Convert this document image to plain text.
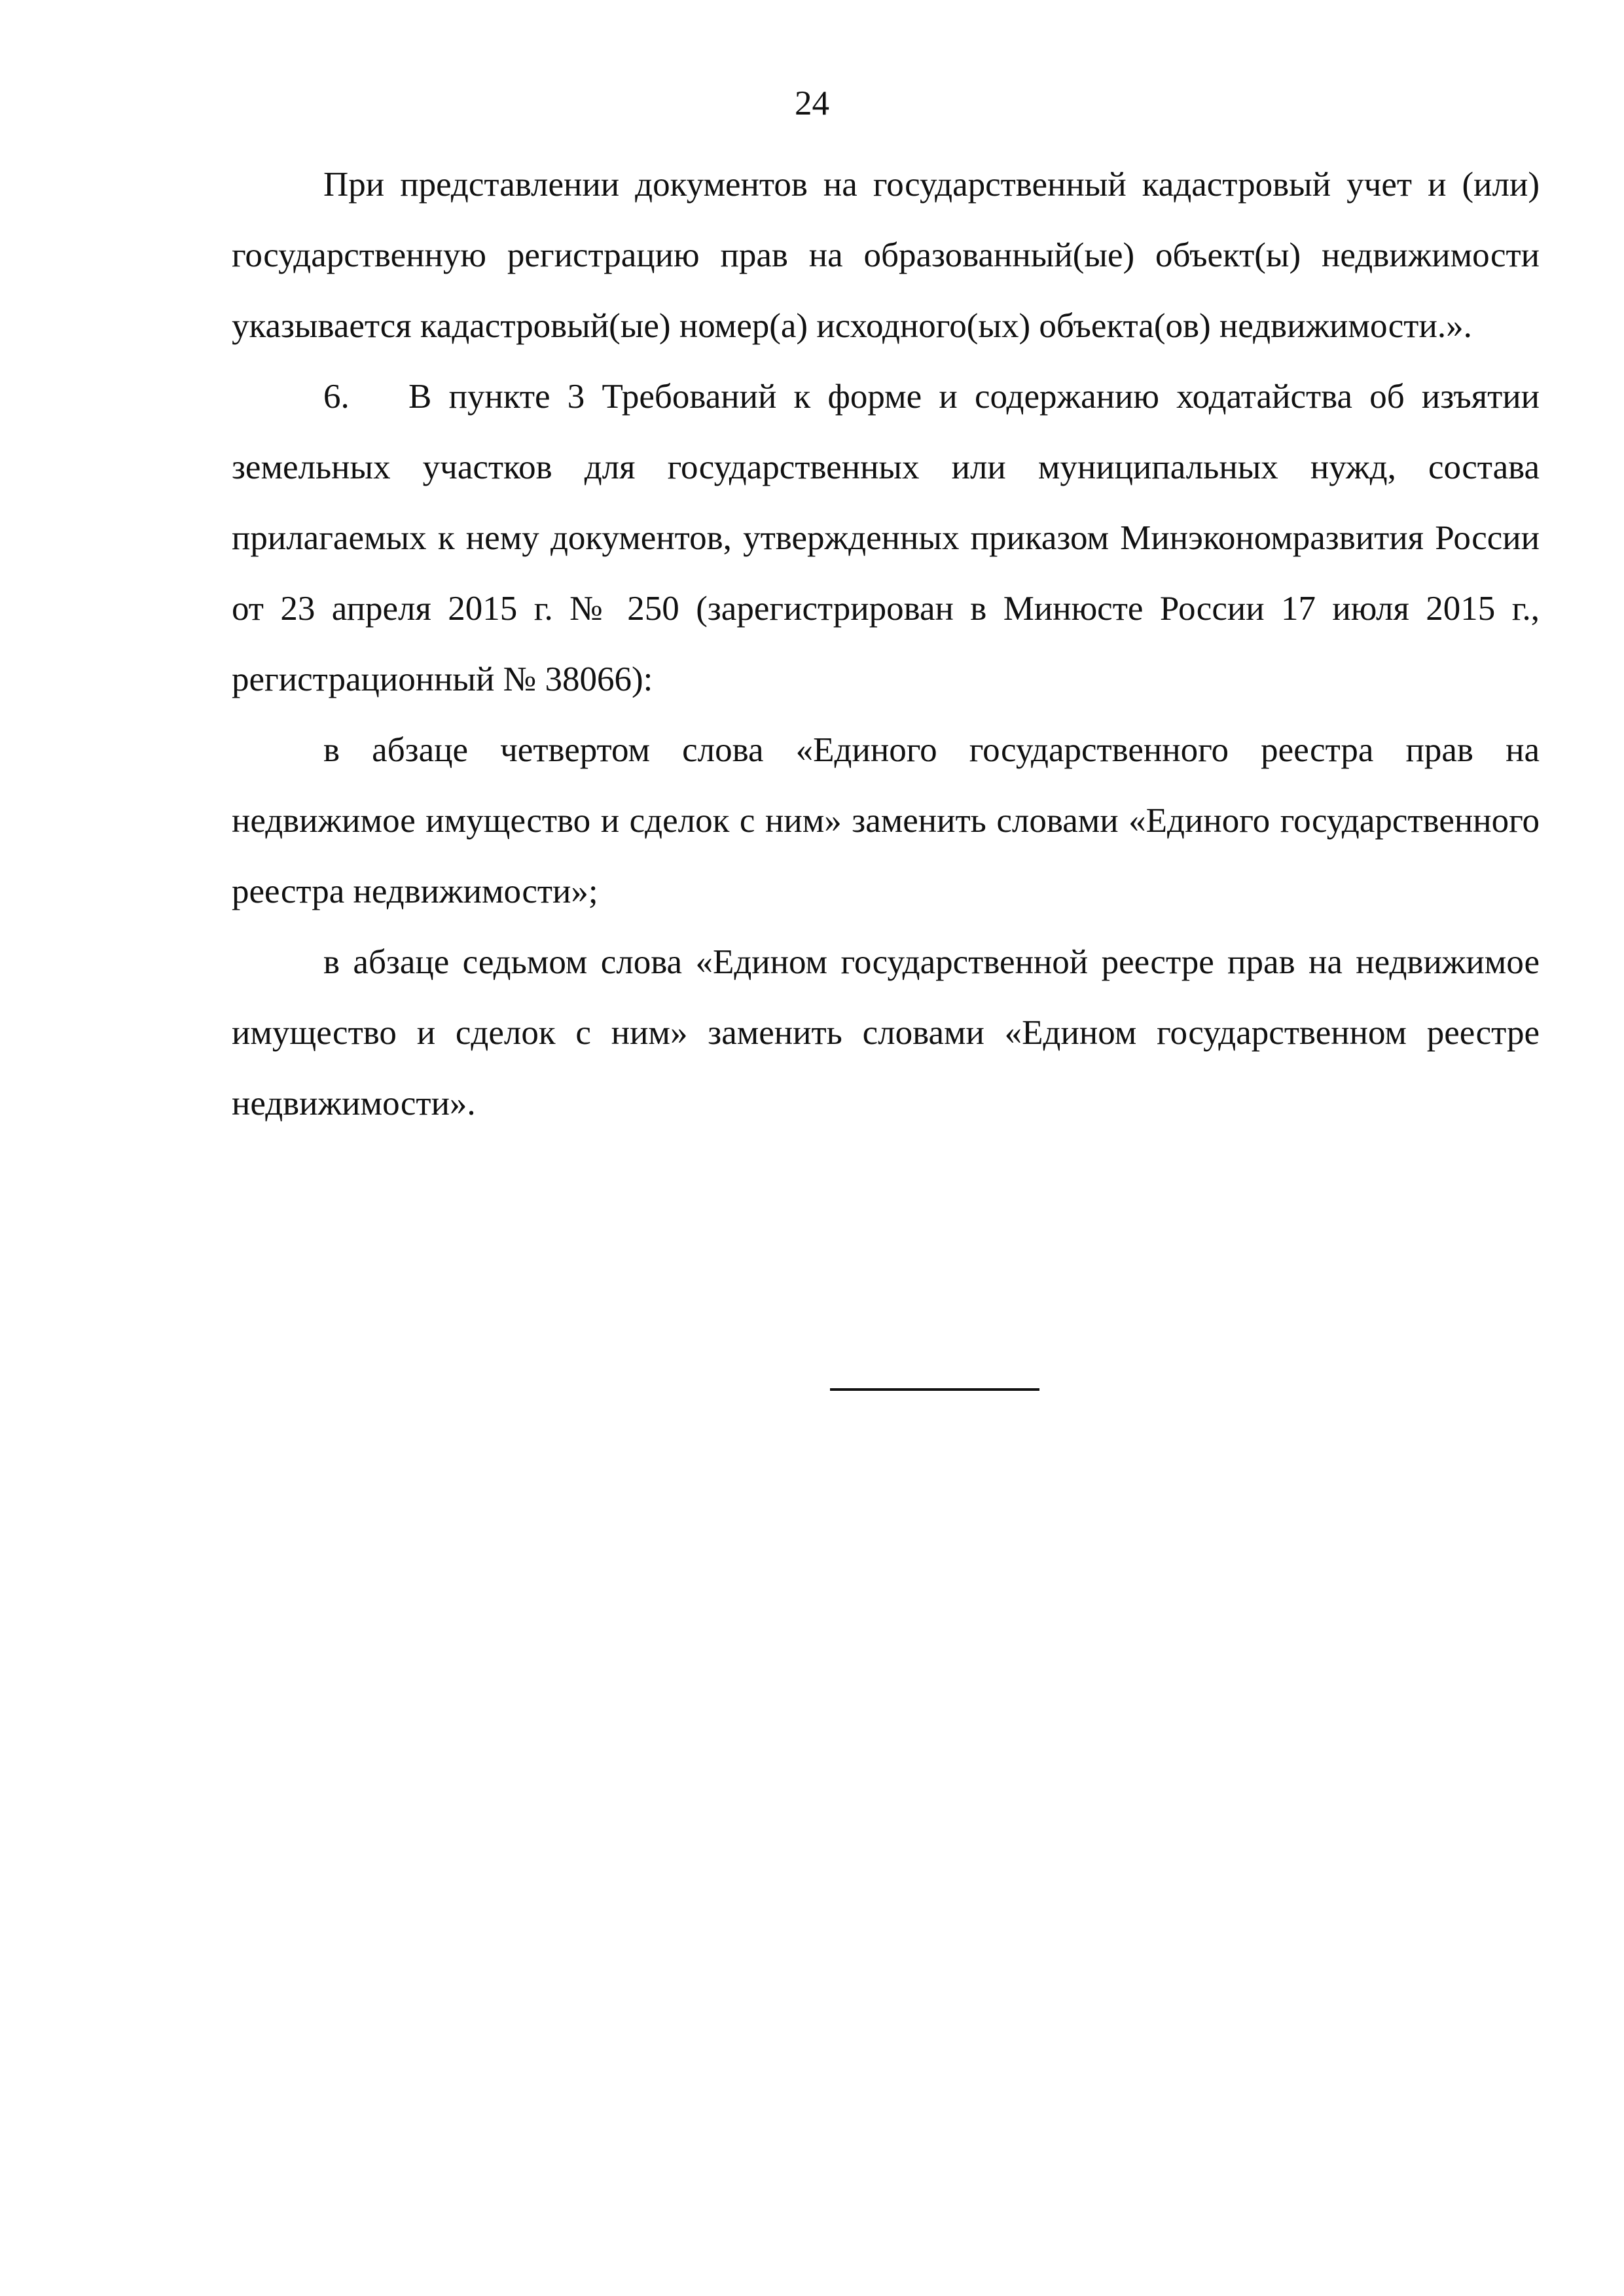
24

При представлении документов на государственный кадастровый учет и (или) государственную регистрацию прав на образованный(ые) объект(ы) недвижимости указывается кадастровый(ые) номер(а) исходного(ых) объекта(ов) недвижимости.».

6. В пункте 3 Требований к форме и содержанию ходатайства об изъятии земельных участков для государственных или муниципальных нужд, состава прилагаемых к нему документов, утвержденных приказом Минэкономразвития России от 23 апреля 2015 г. № 250 (зарегистрирован в Минюсте России 17 июля 2015 г., регистрационный № 38066):

в абзаце четвертом слова «Единого государственного реестра прав на недвижимое имущество и сделок с ним» заменить словами «Единого государственного реестра недвижимости»;

в абзаце седьмом слова «Едином государственной реестре прав на недвижимое имущество и сделок с ним» заменить словами «Едином государственном реестре недвижимости».
